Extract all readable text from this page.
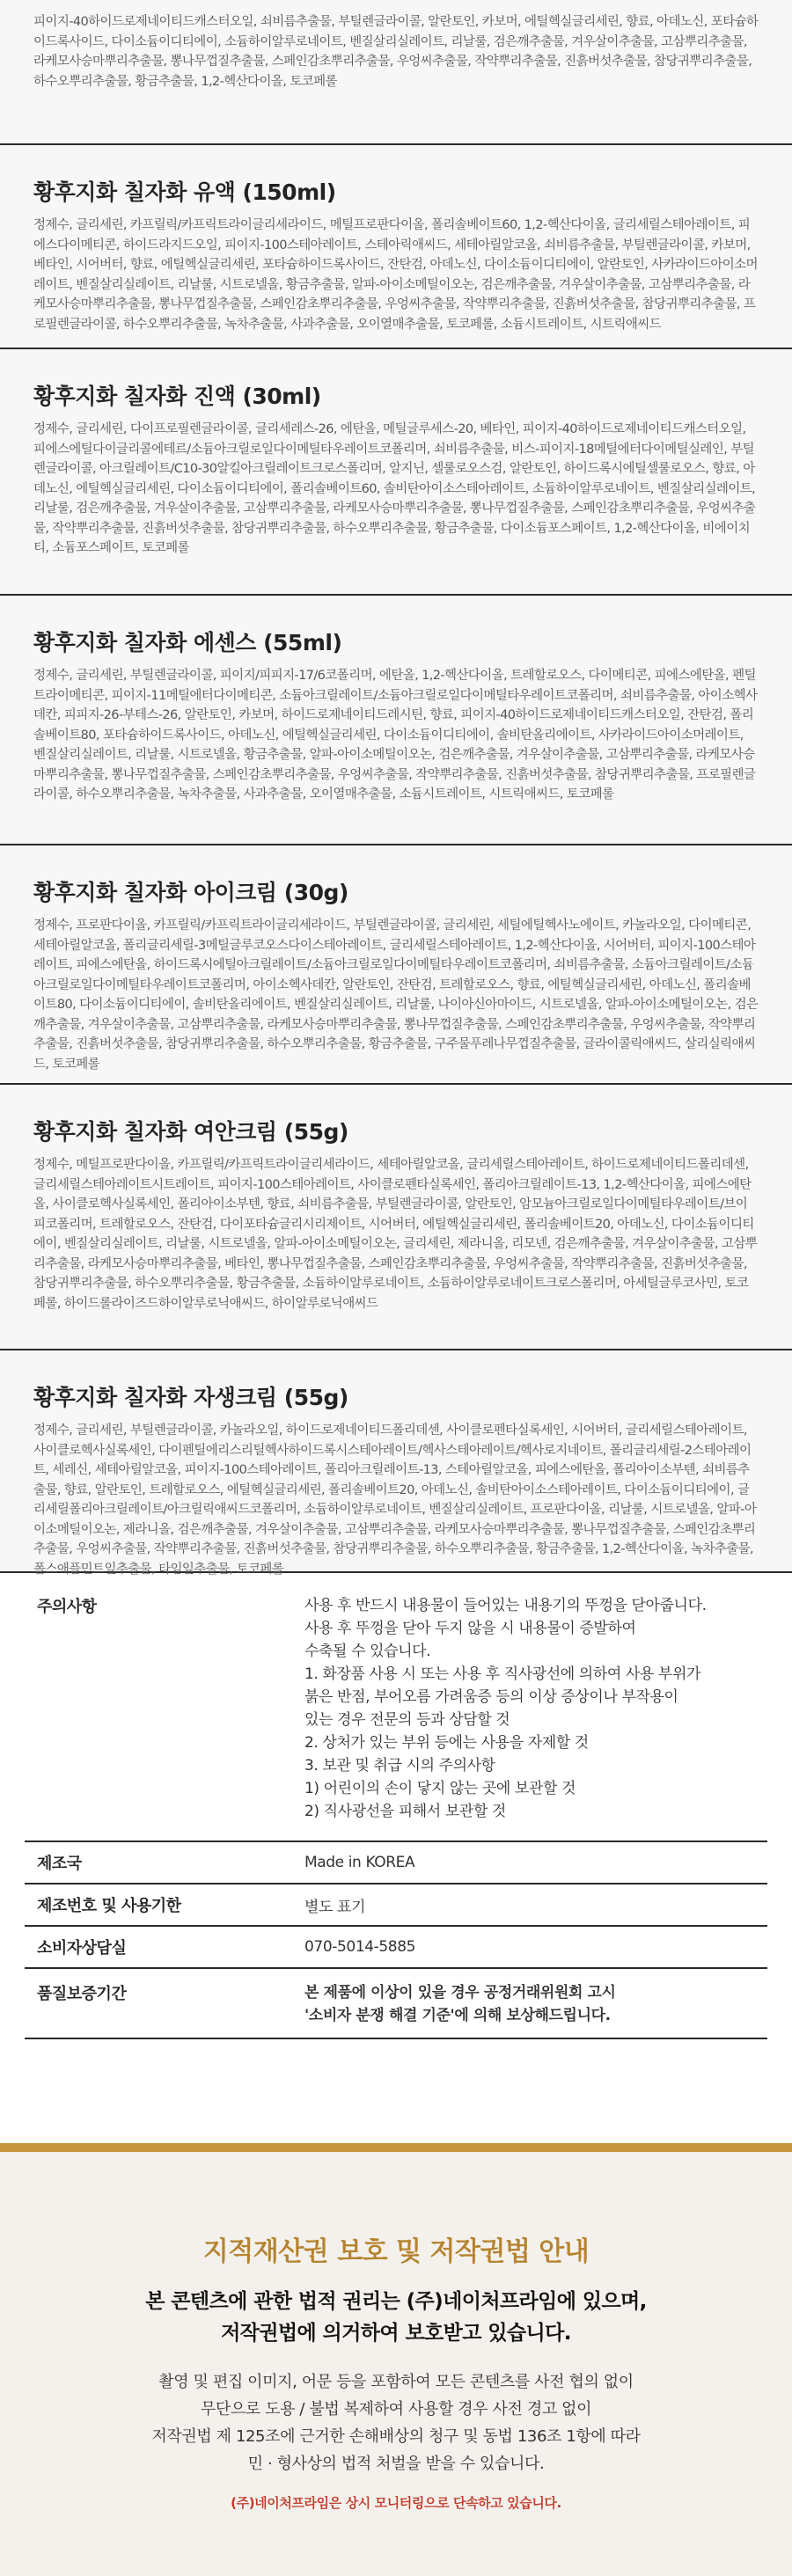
피이지-40하이드로제네이티드캐스터오일, 쇠비름추출물, 부틸렌글라이콜, 알란토인, 카보머, 에틸헥실글리세린, 향료, 아데노신, 포타슘하이드록사이드, 다이소듐이디티에이, 소듐하이알루로네이트, 벤질살리실레이트, 리날룰, 검은깨추출물, 겨우살이추출물, 고삼뿌리추출물, 라케모사승마뿌리추출물, 뽕나무껍질추출물, 스페인감초뿌리추출물, 우엉씨추출물, 작약뿌리추출물, 진흙버섯추출물, 참당귀뿌리추출물, 하수오뿌리추출물, 황금추출물, 1,2-헥산다이올, 토코페롤

황후지화 칠자화 유액 (150ml)

정제수, 글리세린, 카프릴릭/카프릭트라이글리세라이드, 메틸프로판다이올, 폴리솔베이트60, 1,2-헥산다이올, 글리세릴스테아레이트, 피에스다이메티콘, 하이드라지드오일, 피이지-100스테아레이트, 스테아릭애씨드, 세테아릴알코올, 쇠비름추출물, 부틸렌글라이콜, 카보머, 베타인, 시어버터, 향료, 에틸헥실글리세린, 포타슘하이드록사이드, 잔탄검, 아데노신, 다이소듐이디티에이, 알란토인, 사카라이드아이소머레이트, 벤질살리실레이트, 리날룰, 시트로넬올, 황금추출물, 알파-아이소메틸이오논, 검은깨추출물, 겨우살이추출물, 고삼뿌리추출물, 라케모사승마뿌리추출물, 뽕나무껍질추출물, 스페인감초뿌리추출물, 우엉씨추출물, 작약뿌리추출물, 진흙버섯추출물, 참당귀뿌리추출물, 프로필렌글라이콜, 하수오뿌리추출물, 녹차추출물, 사과추출물, 오이열매추출물, 토코페롤, 소듐시트레이트, 시트릭애씨드

황후지화 칠자화 진액 (30ml)

정제수, 글리세린, 다이프로필렌글라이콜, 글리세레스-26, 에탄올, 메틸글루세스-20, 베타인, 피이지-40하이드로제네이티드캐스터오일, 피에스에틸다이글리콜에테르/소듐아크릴로일다이메틸타우레이트코폴리머, 쇠비름추출물, 비스-피이지-18메틸에터다이메틸실레인, 부틸렌글라이콜, 아크릴레이트/C10-30알킬아크릴레이트크로스폴리머, 알지닌, 셀룰로오스검, 알란토인, 하이드록시에틸셀룰로오스, 향료, 아데노신, 에틸헥실글리세린, 다이소듐이디티에이, 폴리솔베이트60, 솔비탄아이소스테아레이트, 소듐하이알루로네이트, 벤질살리실레이트, 리날룰, 검은깨추출물, 겨우살이추출물, 고삼뿌리추출물, 라케모사승마뿌리추출물, 뽕나무껍질추출물, 스페인감초뿌리추출물, 우엉씨추출물, 작약뿌리추출물, 진흙버섯추출물, 참당귀뿌리추출물, 하수오뿌리추출물, 황금추출물, 다이소듐포스페이트, 1,2-헥산다이올, 비에이치티, 소듐포스페이트, 토코페롤

황후지화 칠자화 에센스 (55ml)

정제수, 글리세린, 부틸렌글라이콜, 피이지/피피지-17/6코폴리머, 에탄올, 1,2-헥산다이올, 트레할로오스, 다이메티콘, 피에스에탄올, 펜틸트라이메티콘, 피이지-11메틸에터다이메티콘, 소듐아크릴레이트/소듐아크릴로일다이메틸타우레이트코폴리머, 쇠비름추출물, 아이소헥사데칸, 피피지-26-부테스-26, 알란토인, 카보머, 하이드로제네이티드레시틴, 향료, 피이지-40하이드로제네이티드캐스터오일, 잔탄검, 폴리솔베이트80, 포타슘하이드록사이드, 아데노신, 에틸헥실글리세린, 다이소듐이디티에이, 솔비탄올리에이트, 사카라이드아이소머레이트, 벤질살리실레이트, 리날룰, 시트로넬올, 황금추출물, 알파-아이소메틸이오논, 검은깨추출물, 겨우살이추출물, 고삼뿌리추출물, 라케모사승마뿌리추출물, 뽕나무껍질추출물, 스페인감초뿌리추출물, 우엉씨추출물, 작약뿌리추출물, 진흙버섯추출물, 참당귀뿌리추출물, 프로필렌글라이콜, 하수오뿌리추출물, 녹차추출물, 사과추출물, 오이열매추출물, 소듐시트레이트, 시트릭애씨드, 토코페롤

황후지화 칠자화 아이크림 (30g)

정제수, 프로판다이올, 카프릴릭/카프릭트라이글리세라이드, 부틸렌글라이콜, 글리세린, 세틸에틸헥사노에이트, 카놀라오일, 다이메티콘, 세테아릴알코올, 폴리글리세릴-3메틸글루코오스다이스테아레이트, 글리세릴스테아레이트, 1,2-헥산다이올, 시어버터, 피이지-100스테아레이트, 피에스에탄올, 하이드록시에틸아크릴레이트/소듐아크릴로일다이메틸타우레이트코폴리머, 쇠비름추출물, 소듐아크릴레이트/소듐아크릴로일다이메틸타우레이트코폴리머, 아이소헥사데칸, 알란토인, 잔탄검, 트레할로오스, 향료, 에틸헥실글리세린, 아데노신, 폴리솔베이트80, 다이소듐이디티에이, 솔비탄올리에이트, 벤질살리실레이트, 리날룰, 나이아신아마이드, 시트로넬올, 알파-아이소메틸이오논, 검은깨추출물, 겨우살이추출물, 고삼뿌리추출물, 라케모사승마뿌리추출물, 뽕나무껍질추출물, 스페인감초뿌리추출물, 우엉씨추출물, 작약뿌리추출물, 진흙버섯추출물, 참당귀뿌리추출물, 하수오뿌리추출물, 황금추출물, 구주물푸레나무껍질추출물, 글라이콜릭애씨드, 살리실릭애씨드, 토코페롤

황후지화 칠자화 여안크림 (55g)

정제수, 메틸프로판다이올, 카프릴릭/카프릭트라이글리세라이드, 세테아릴알코올, 글리세릴스테아레이트, 하이드로제네이티드폴리데센, 글리세릴스테아레이트시트레이트, 피이지-100스테아레이트, 사이클로펜타실록세인, 폴리아크릴레이트-13, 1,2-헥산다이올, 피에스에탄올, 사이클로헥사실록세인, 폴리아이소부텐, 향료, 쇠비름추출물, 부틸렌글라이콜, 알란토인, 암모늄아크릴로일다이메틸타우레이트/브이피코폴리머, 트레할로오스, 잔탄검, 다이포타슘글리시리제이트, 시어버터, 에틸헥실글리세린, 폴리솔베이트20, 아데노신, 다이소듐이디티에이, 벤질살리실레이트, 리날룰, 시트로넬올, 알파-아이소메틸이오논, 글리세린, 제라니올, 리모넨, 검은깨추출물, 겨우살이추출물, 고삼뿌리추출물, 라케모사승마뿌리추출물, 베타인, 뽕나무껍질추출물, 스페인감초뿌리추출물, 우엉씨추출물, 작약뿌리추출물, 진흙버섯추출물, 참당귀뿌리추출물, 하수오뿌리추출물, 황금추출물, 소듐하이알루로네이트, 소듐하이알루로네이트크로스폴리머, 아세틸글루코사민, 토코페롤, 하이드롤라이즈드하이알루로닉애씨드, 하이알루로닉애씨드

황후지화 칠자화 자생크림 (55g)

정제수, 글리세린, 부틸렌글라이콜, 카놀라오일, 하이드로제네이티드폴리데센, 사이클로펜타실록세인, 시어버터, 글리세릴스테아레이트, 사이클로헥사실록세인, 다이펜틸에리스리틸헥사하이드록시스테아레이트/헥사스테아레이트/헥사로지네이트, 폴리글리세릴-2스테아레이트, 세레신, 세테아릴알코올, 피이지-100스테아레이트, 폴리아크릴레이트-13, 스테아릴알코올, 피에스에탄올, 폴리아이소부텐, 쇠비름추출물, 향료, 알란토인, 트레할로오스, 에틸헥실글리세린, 폴리솔베이트20, 아데노신, 솔비탄아이소스테아레이트, 다이소듐이디티에이, 글리세릴폴리아크릴레이트/아크릴릭애씨드코폴리머, 소듐하이알루로네이트, 벤질살리실레이트, 프로판다이올, 리날룰, 시트로넬올, 알파-아이소메틸이오논, 제라니올, 검은깨추출물, 겨우살이추출물, 고삼뿌리추출물, 라케모사승마뿌리추출물, 뽕나무껍질추출물, 스페인감초뿌리추출물, 우엉씨추출물, 작약뿌리추출물, 진흙버섯추출물, 참당귀뿌리추출물, 하수오뿌리추출물, 황금추출물, 1,2-헥산다이올, 녹차추출물, 폴스애플민트잎추출물, 타임잎추출물, 토코페롤

주의사항	사용 후 반드시 내용물이 들어있는 내용기의 뚜껑을 닫아줍니다.
사용 후 뚜껑을 닫아 두지 않을 시 내용물이 증발하여
수축될 수 있습니다.
1. 화장품 사용 시 또는 사용 후 직사광선에 의하여 사용 부위가
붉은 반점, 부어오름 가려움증 등의 이상 증상이나 부작용이
있는 경우 전문의 등과 상담할 것
2. 상처가 있는 부위 등에는 사용을 자제할 것
3. 보관 및 취급 시의 주의사항
1) 어린이의 손이 닿지 않는 곳에 보관할 것
2) 직사광선을 피해서 보관할 것
제조국	Made in KOREA
제조번호 및 사용기한	별도 표기
소비자상담실	070-5014-5885
품질보증기간	본 제품에 이상이 있을 경우 공정거래위원회 고시
'소비자 분쟁 해결 기준'에 의해 보상해드립니다.
지적재산권 보호 및 저작권법 안내
본 콘텐츠에 관한 법적 권리는 (주)네이처프라임에 있으며,
저작권법에 의거하여 보호받고 있습니다.
촬영 및 편집 이미지, 어문 등을 포함하여 모든 콘텐츠를 사전 협의 없이
무단으로 도용 / 불법 복제하여 사용할 경우 사전 경고 없이
저작권법 제 125조에 근거한 손해배상의 청구 및 동법 136조 1항에 따라
민 · 형사상의 법적 처벌을 받을 수 있습니다.
(주)네이처프라임은 상시 모니터링으로 단속하고 있습니다.
